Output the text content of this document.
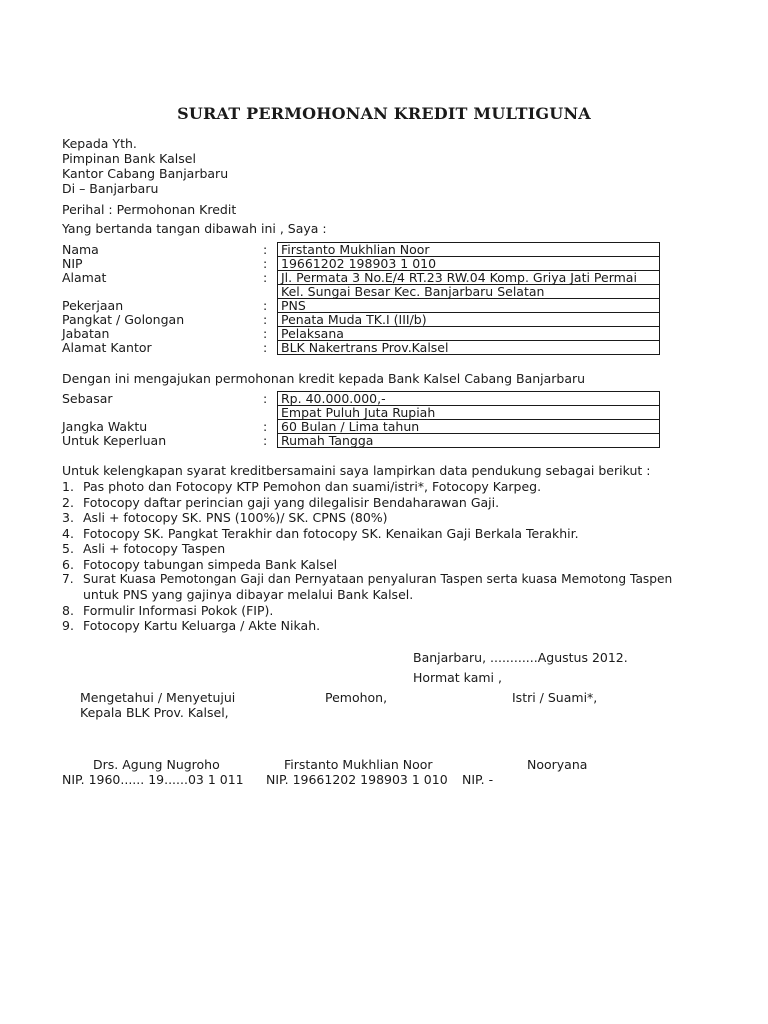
SURAT PERMOHONAN KREDIT MULTIGUNA
Kepada Yth.
Pimpinan Bank Kalsel
Kantor Cabang Banjarbaru
Di – Banjarbaru
Perihal : Permohonan Kredit
Yang bertanda tangan dibawah ini , Saya :
Nama	:	Firstanto Mukhlian Noor
NIP	:	19661202 198903 1 010
Alamat	:	Jl. Permata 3 No.E/4 RT.23 RW.04 Komp. Griya Jati Permai
Kel. Sungai Besar Kec. Banjarbaru Selatan
Pekerjaan	:	PNS
Pangkat / Golongan	:	Penata Muda TK.I (III/b)
Jabatan	:	Pelaksana
Alamat Kantor	:	BLK Nakertrans Prov.Kalsel
Dengan ini mengajukan permohonan kredit kepada Bank Kalsel Cabang Banjarbaru
Sebasar	:	Rp. 40.000.000,-
Empat Puluh Juta Rupiah
Jangka Waktu	:	60 Bulan / Lima tahun
Untuk Keperluan	:	Rumah Tangga
Untuk kelengkapan syarat kreditbersamaini saya lampirkan data pendukung sebagai berikut :
1. Pas photo dan Fotocopy KTP Pemohon dan suami/istri*, Fotocopy Karpeg.
2. Fotocopy daftar perincian gaji yang dilegalisir Bendaharawan Gaji.
3. Asli + fotocopy SK. PNS (100%)/ SK. CPNS (80%)
4. Fotocopy SK. Pangkat Terakhir dan fotocopy SK. Kenaikan Gaji Berkala Terakhir.
5. Asli + fotocopy Taspen
6. Fotocopy tabungan simpeda Bank Kalsel
7. Surat Kuasa Pemotongan Gaji dan Pernyataan penyaluran Taspen serta kuasa Memotong Taspen
untuk PNS yang gajinya dibayar melalui Bank Kalsel.
8. Formulir Informasi Pokok (FIP).
9. Fotocopy Kartu Keluarga / Akte Nikah.
Banjarbaru, ............Agustus 2012.
Hormat kami ,
Mengetahui / Menyetujui
Kepala BLK Prov. Kalsel,
Pemohon,	Istri / Suami*,
Drs. Agung Nugroho	Firstanto Mukhlian Noor	Nooryana
NIP. 1960...... 19......03 1 011 NIP. 19661202 198903 1 010 NIP. -
